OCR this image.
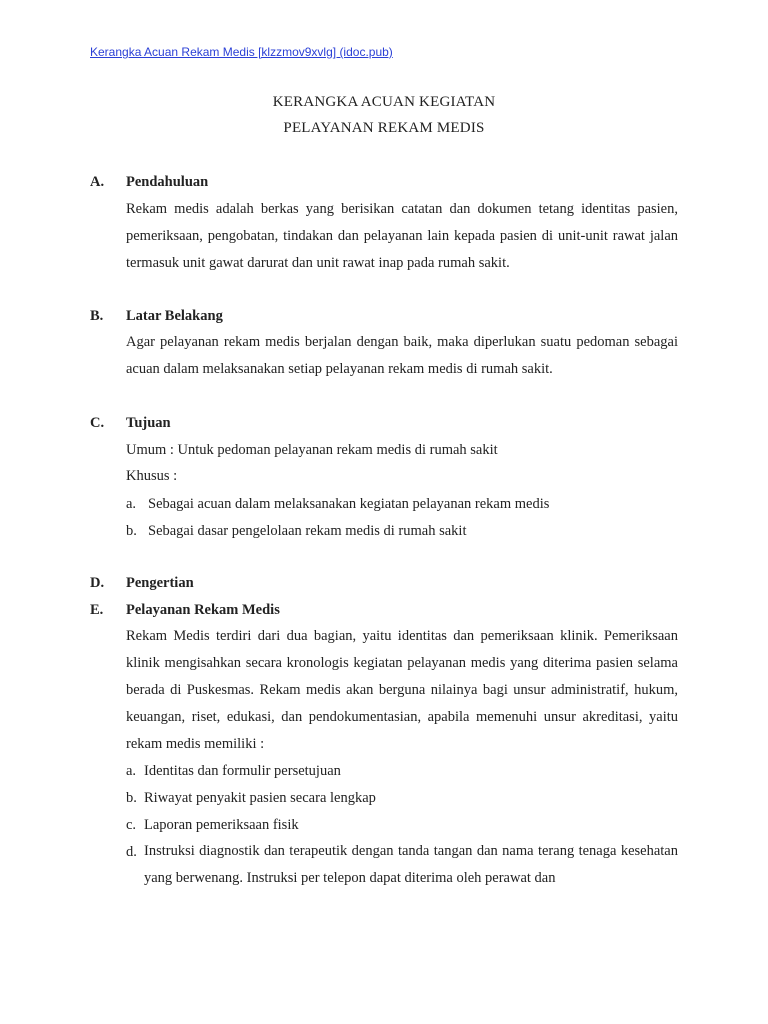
Kerangka Acuan Rekam Medis [klzzmov9xvlg] (idoc.pub)
KERANGKA ACUAN KEGIATAN
PELAYANAN REKAM MEDIS
A. Pendahuluan
Rekam medis adalah berkas yang berisikan catatan dan dokumen tetang identitas pasien, pemeriksaan, pengobatan, tindakan dan pelayanan lain kepada pasien di unit-unit rawat jalan termasuk unit gawat darurat dan unit rawat inap pada rumah sakit.
B. Latar Belakang
Agar pelayanan rekam medis berjalan dengan baik, maka diperlukan suatu pedoman sebagai acuan dalam melaksanakan setiap pelayanan rekam medis di rumah sakit.
C. Tujuan
Umum : Untuk pedoman pelayanan rekam medis di rumah sakit
Khusus :
a. Sebagai acuan dalam melaksanakan kegiatan pelayanan rekam medis
b. Sebagai dasar pengelolaan rekam medis di rumah sakit
D. Pengertian
E. Pelayanan Rekam Medis
Rekam Medis terdiri dari dua bagian, yaitu identitas dan pemeriksaan klinik. Pemeriksaan klinik mengisahkan secara kronologis kegiatan pelayanan medis yang diterima pasien selama berada di Puskesmas. Rekam medis akan berguna nilainya bagi unsur administratif, hukum, keuangan, riset, edukasi, dan pendokumentasian, apabila memenuhi unsur akreditasi, yaitu rekam medis memiliki :
a. Identitas dan formulir persetujuan
b. Riwayat penyakit pasien secara lengkap
c. Laporan pemeriksaan fisik
d. Instruksi diagnostik dan terapeutik dengan tanda tangan dan nama terang tenaga kesehatan yang berwenang. Instruksi per telepon dapat diterima oleh perawat dan
